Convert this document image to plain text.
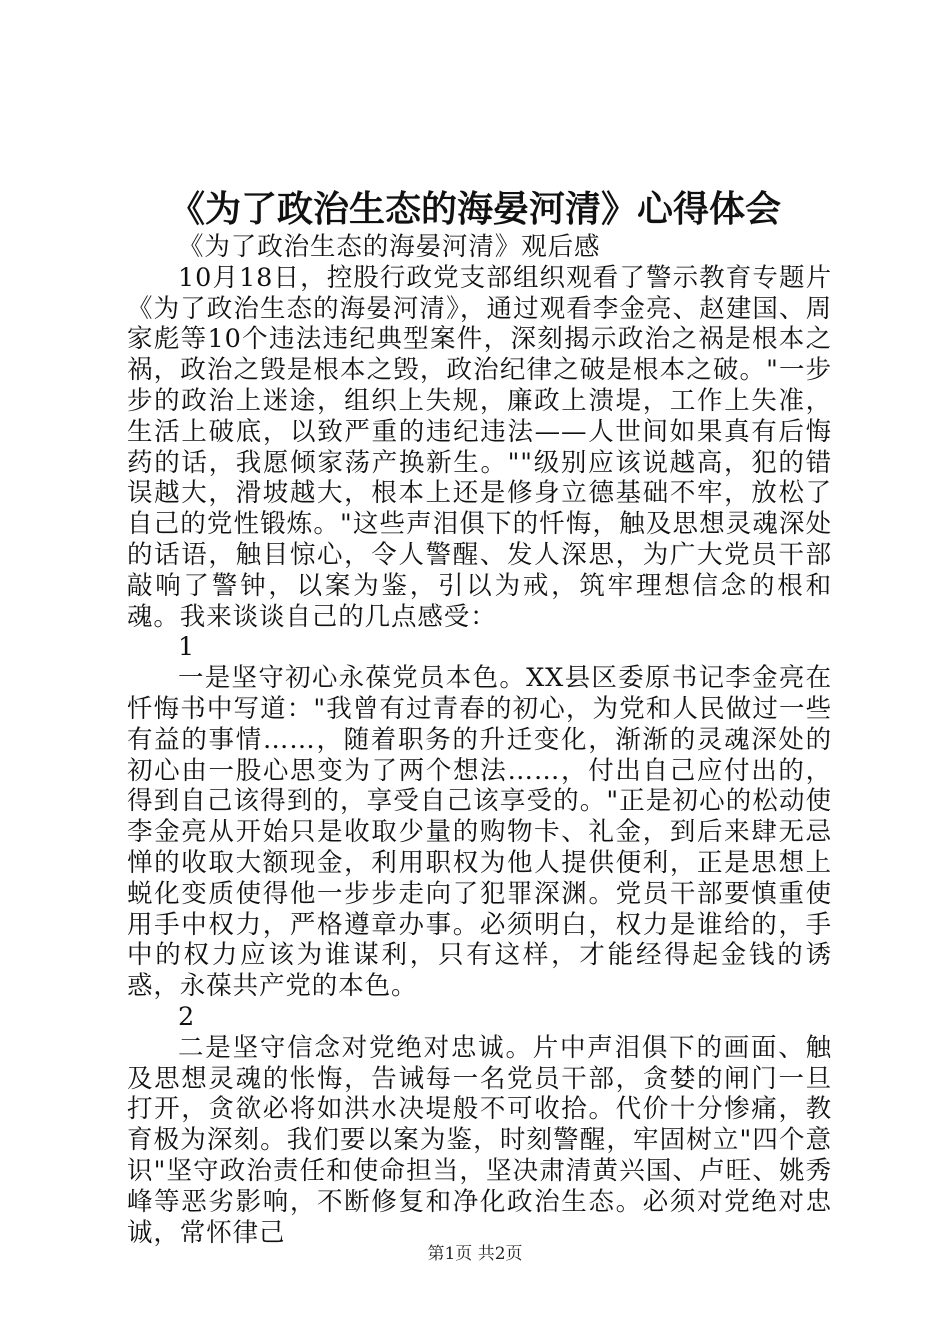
《为了政治生态的海晏河清》心得体会

《为了政治生态的海晏河清》观后感

10月18日，控股行政党支部组织观看了警示教育专题片《为了政治生态的海晏河清》，通过观看李金亮、赵建国、周家彪等10个违法违纪典型案件，深刻揭示政治之祸是根本之祸，政治之毁是根本之毁，政治纪律之破是根本之破。"一步步的政治上迷途，组织上失规，廉政上溃堤，工作上失准，生活上破底，以致严重的违纪违法——人世间如果真有后悔药的话，我愿倾家荡产换新生。""级别应该说越高，犯的错误越大，滑坡越大，根本上还是修身立德基础不牢，放松了自己的党性锻炼。"这些声泪俱下的忏悔，触及思想灵魂深处的话语，触目惊心，令人警醒、发人深思，为广大党员干部敲响了警钟，以案为鉴，引以为戒，筑牢理想信念的根和魂。我来谈谈自己的几点感受：

1

一是坚守初心永葆党员本色。XX县区委原书记李金亮在忏悔书中写道："我曾有过青春的初心，为党和人民做过一些有益的事情……，随着职务的升迁变化，渐渐的灵魂深处的初心由一股心思变为了两个想法……，付出自己应付出的，得到自己该得到的，享受自己该享受的。"正是初心的松动使李金亮从开始只是收取少量的购物卡、礼金，到后来肆无忌惮的收取大额现金，利用职权为他人提供便利，正是思想上蜕化变质使得他一步步走向了犯罪深渊。党员干部要慎重使用手中权力，严格遵章办事。必须明白，权力是谁给的，手中的权力应该为谁谋利，只有这样，才能经得起金钱的诱惑，永葆共产党的本色。

2

二是坚守信念对党绝对忠诚。片中声泪俱下的画面、触及思想灵魂的怅悔，告诫每一名党员干部，贪婪的闸门一旦打开，贪欲必将如洪水决堤般不可收拾。代价十分惨痛，教育极为深刻。我们要以案为鉴，时刻警醒，牢固树立"四个意识"坚守政治责任和使命担当，坚决肃清黄兴国、卢旺、姚秀峰等恶劣影响，不断修复和净化政治生态。必须对党绝对忠诚，常怀律己

第1页 共2页
